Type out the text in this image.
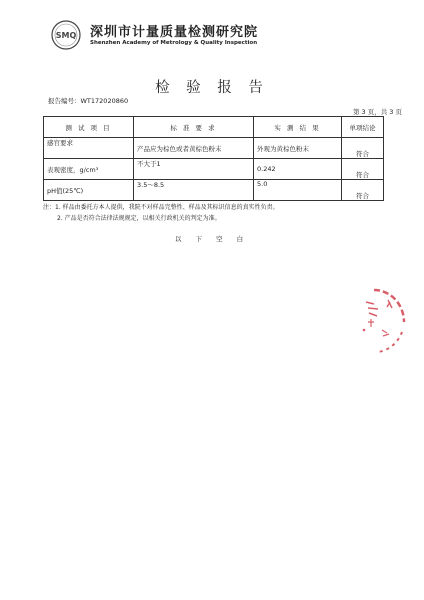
SMQ 深圳市计量质量检测研究院
Shenzhen Academy of Metrology & Quality Inspection
检 验 报 告
报告编号：WT172020860
第 3 页，共 3 页
测 试 项 目	标 准 要 求	实 测 结 果	单项结论
感官要求	产品应为棕色或者黄棕色粉末	外观为黄棕色粉末	符合
表观密度，g/cm³	不大于1	0.242	符合
pH值(25℃)	3.5～8.5	5.0	符合
注：1. 样品由委托方本人提供，我院不对样品完整性、样品及其标识信息的真实性负责。
2. 产品是否符合法律法规规定，以相关行政机关的判定为准。
以 下 空 白
